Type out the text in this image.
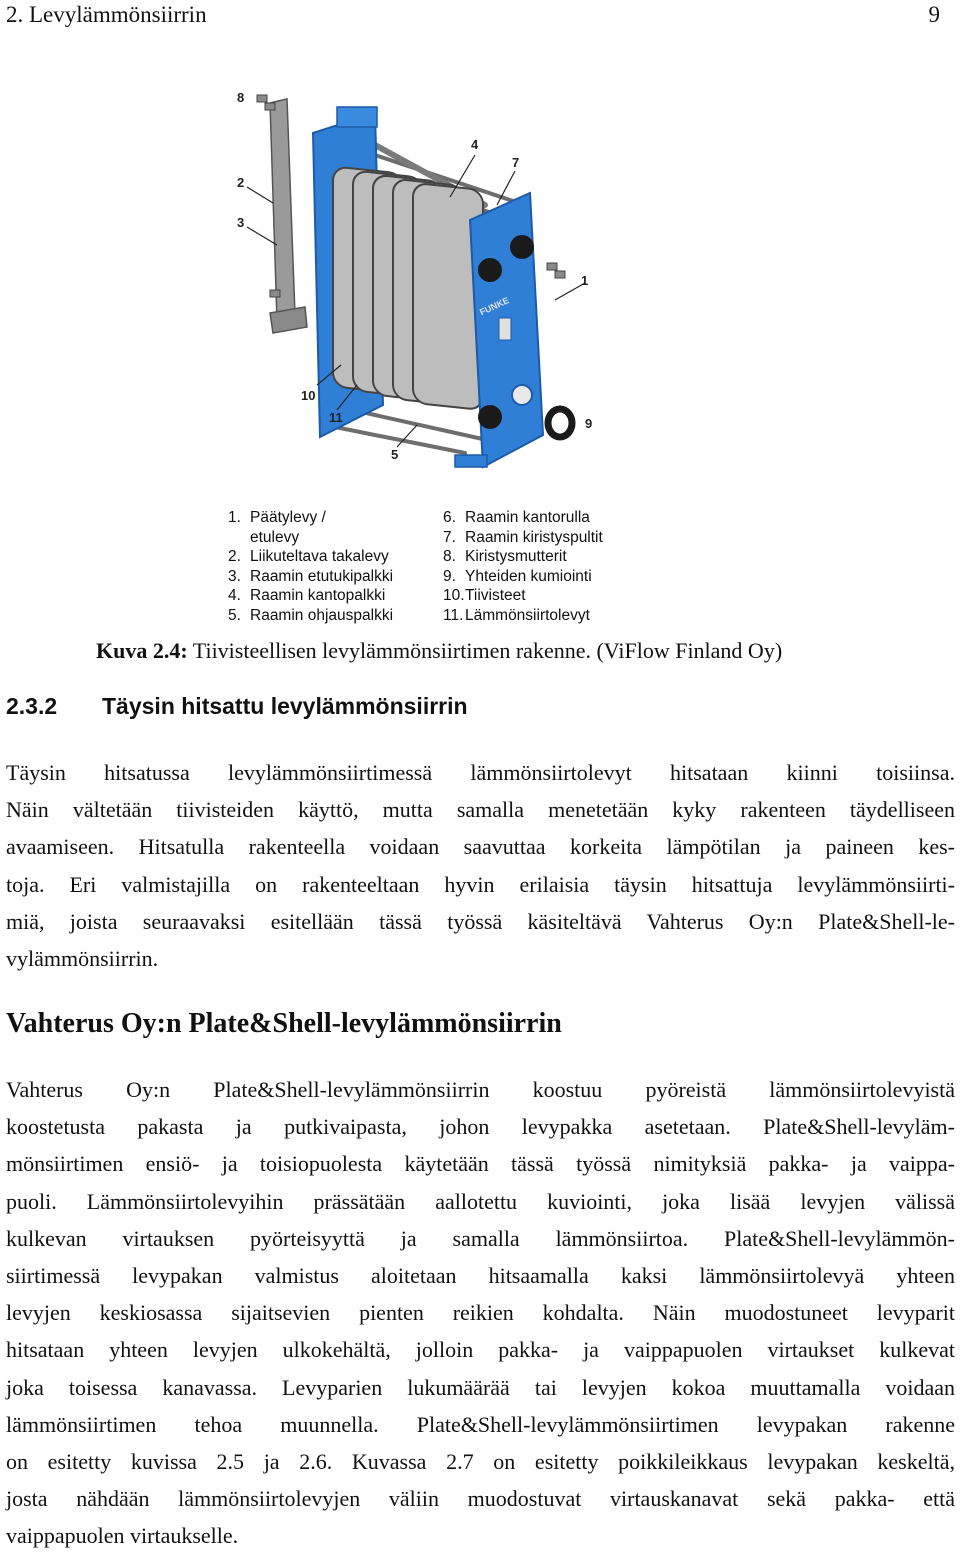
2. Levylämmönsiirrin	9
FUNKE
8
2
3
4
7
1
10
11
5
9
1. Päätylevy /
etulevy
2. Liikuteltava takalevy
3. Raamin etutukipalkki
4. Raamin kantopalkki
5. Raamin ohjauspalkki
6. Raamin kantorulla
7. Raamin kiristyspultit
8. Kiristysmutterit
9. Yhteiden kumiointi
10.Tiivisteet
11. Lämmönsiirtolevyt
Kuva 2.4: Tiivisteellisen levylämmönsiirtimen rakenne. (ViFlow Finland Oy)
2.3.2 Täysin hitsattu levylämmönsiirrin

Täysin hitsatussa levylämmönsiirtimessä lämmönsiirtolevyt hitsataan kiinni toisiinsa.
Näin vältetään tiivisteiden käyttö, mutta samalla menetetään kyky rakenteen täydelliseen
avaamiseen. Hitsatulla rakenteella voidaan saavuttaa korkeita lämpötilan ja paineen kes-
toja. Eri valmistajilla on rakenteeltaan hyvin erilaisia täysin hitsattuja levylämmönsiirti-
miä, joista seuraavaksi esitellään tässä työssä käsiteltävä Vahterus Oy:n Plate&Shell-le-
vylämmönsiirrin.

Vahterus Oy:n Plate&Shell-levylämmönsiirrin

Vahterus Oy:n Plate&Shell-levylämmönsiirrin koostuu pyöreistä lämmönsiirtolevyistä
koostetusta pakasta ja putkivaipasta, johon levypakka asetetaan. Plate&Shell-levyläm-
mönsiirtimen ensiö- ja toisiopuolesta käytetään tässä työssä nimityksiä pakka- ja vaippa-
puoli. Lämmönsiirtolevyihin prässätään aallotettu kuviointi, joka lisää levyjen välissä
kulkevan virtauksen pyörteisyyttä ja samalla lämmönsiirtoa. Plate&Shell-levylämmön-
siirtimessä levypakan valmistus aloitetaan hitsaamalla kaksi lämmönsiirtolevyä yhteen
levyjen keskiosassa sijaitsevien pienten reikien kohdalta. Näin muodostuneet levyparit
hitsataan yhteen levyjen ulkokehältä, jolloin pakka- ja vaippapuolen virtaukset kulkevat
joka toisessa kanavassa. Levyparien lukumäärää tai levyjen kokoa muuttamalla voidaan
lämmönsiirtimen tehoa muunnella. Plate&Shell-levylämmönsiirtimen levypakan rakenne
on esitetty kuvissa 2.5 ja 2.6. Kuvassa 2.7 on esitetty poikkileikkaus levypakan keskeltä,
josta nähdään lämmönsiirtolevyjen väliin muodostuvat virtauskanavat sekä pakka- että
vaippapuolen virtaukselle.
